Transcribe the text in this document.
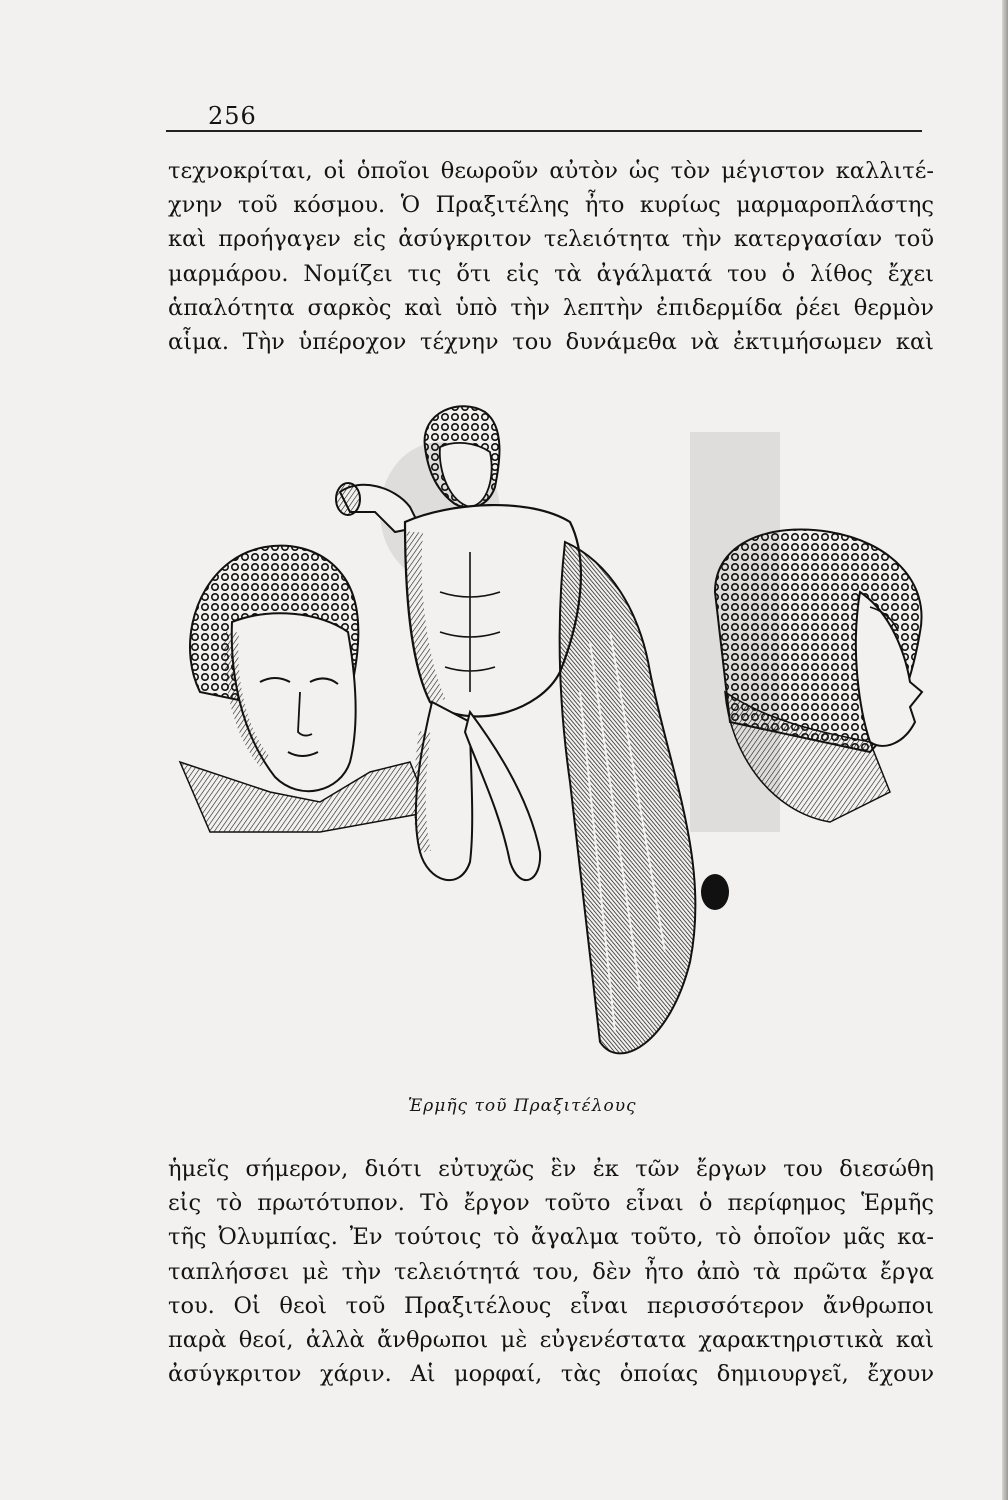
256
τεχνοκρίται, οἱ ὁποῖοι θεωροῦν αὐτὸν ὡς τὸν μέγιστον καλλιτέ-
χνην τοῦ κόσμου. Ὁ Πραξιτέλης ἦτο κυρίως μαρμαροπλάστης
καὶ προήγαγεν εἰς ἀσύγκριτον τελειότητα τὴν κατεργασίαν τοῦ
μαρμάρου. Νομίζει τις ὅτι εἰς τὰ ἀγάλματά του ὁ λίθος ἔχει
ἁπαλότητα σαρκὸς καὶ ὑπὸ τὴν λεπτὴν ἐπιδερμίδα ῥέει θερμὸν
αἷμα. Τὴν ὑπέροχον τέχνην του δυνάμεθα νὰ ἐκτιμήσωμεν καὶ
Ἑρμῆς τοῦ Πραξιτέλους
ἡμεῖς σήμερον, διότι εὐτυχῶς ἓν ἐκ τῶν ἔργων του διεσώθη
εἰς τὸ πρωτότυπον. Τὸ ἔργον τοῦτο εἶναι ὁ περίφημος Ἑρμῆς
τῆς Ὀλυμπίας. Ἐν τούτοις τὸ ἄγαλμα τοῦτο, τὸ ὁποῖον μᾶς κα-
ταπλήσσει μὲ τὴν τελειότητά του, δὲν ἦτο ἀπὸ τὰ πρῶτα ἔργα
του. Οἱ θεοὶ τοῦ Πραξιτέλους εἶναι περισσότερον ἄνθρωποι
παρὰ θεοί, ἀλλὰ ἄνθρωποι μὲ εὐγενέστατα χαρακτηριστικὰ καὶ
ἀσύγκριτον χάριν. Αἱ μορφαί, τὰς ὁποίας δημιουργεῖ, ἔχουν
